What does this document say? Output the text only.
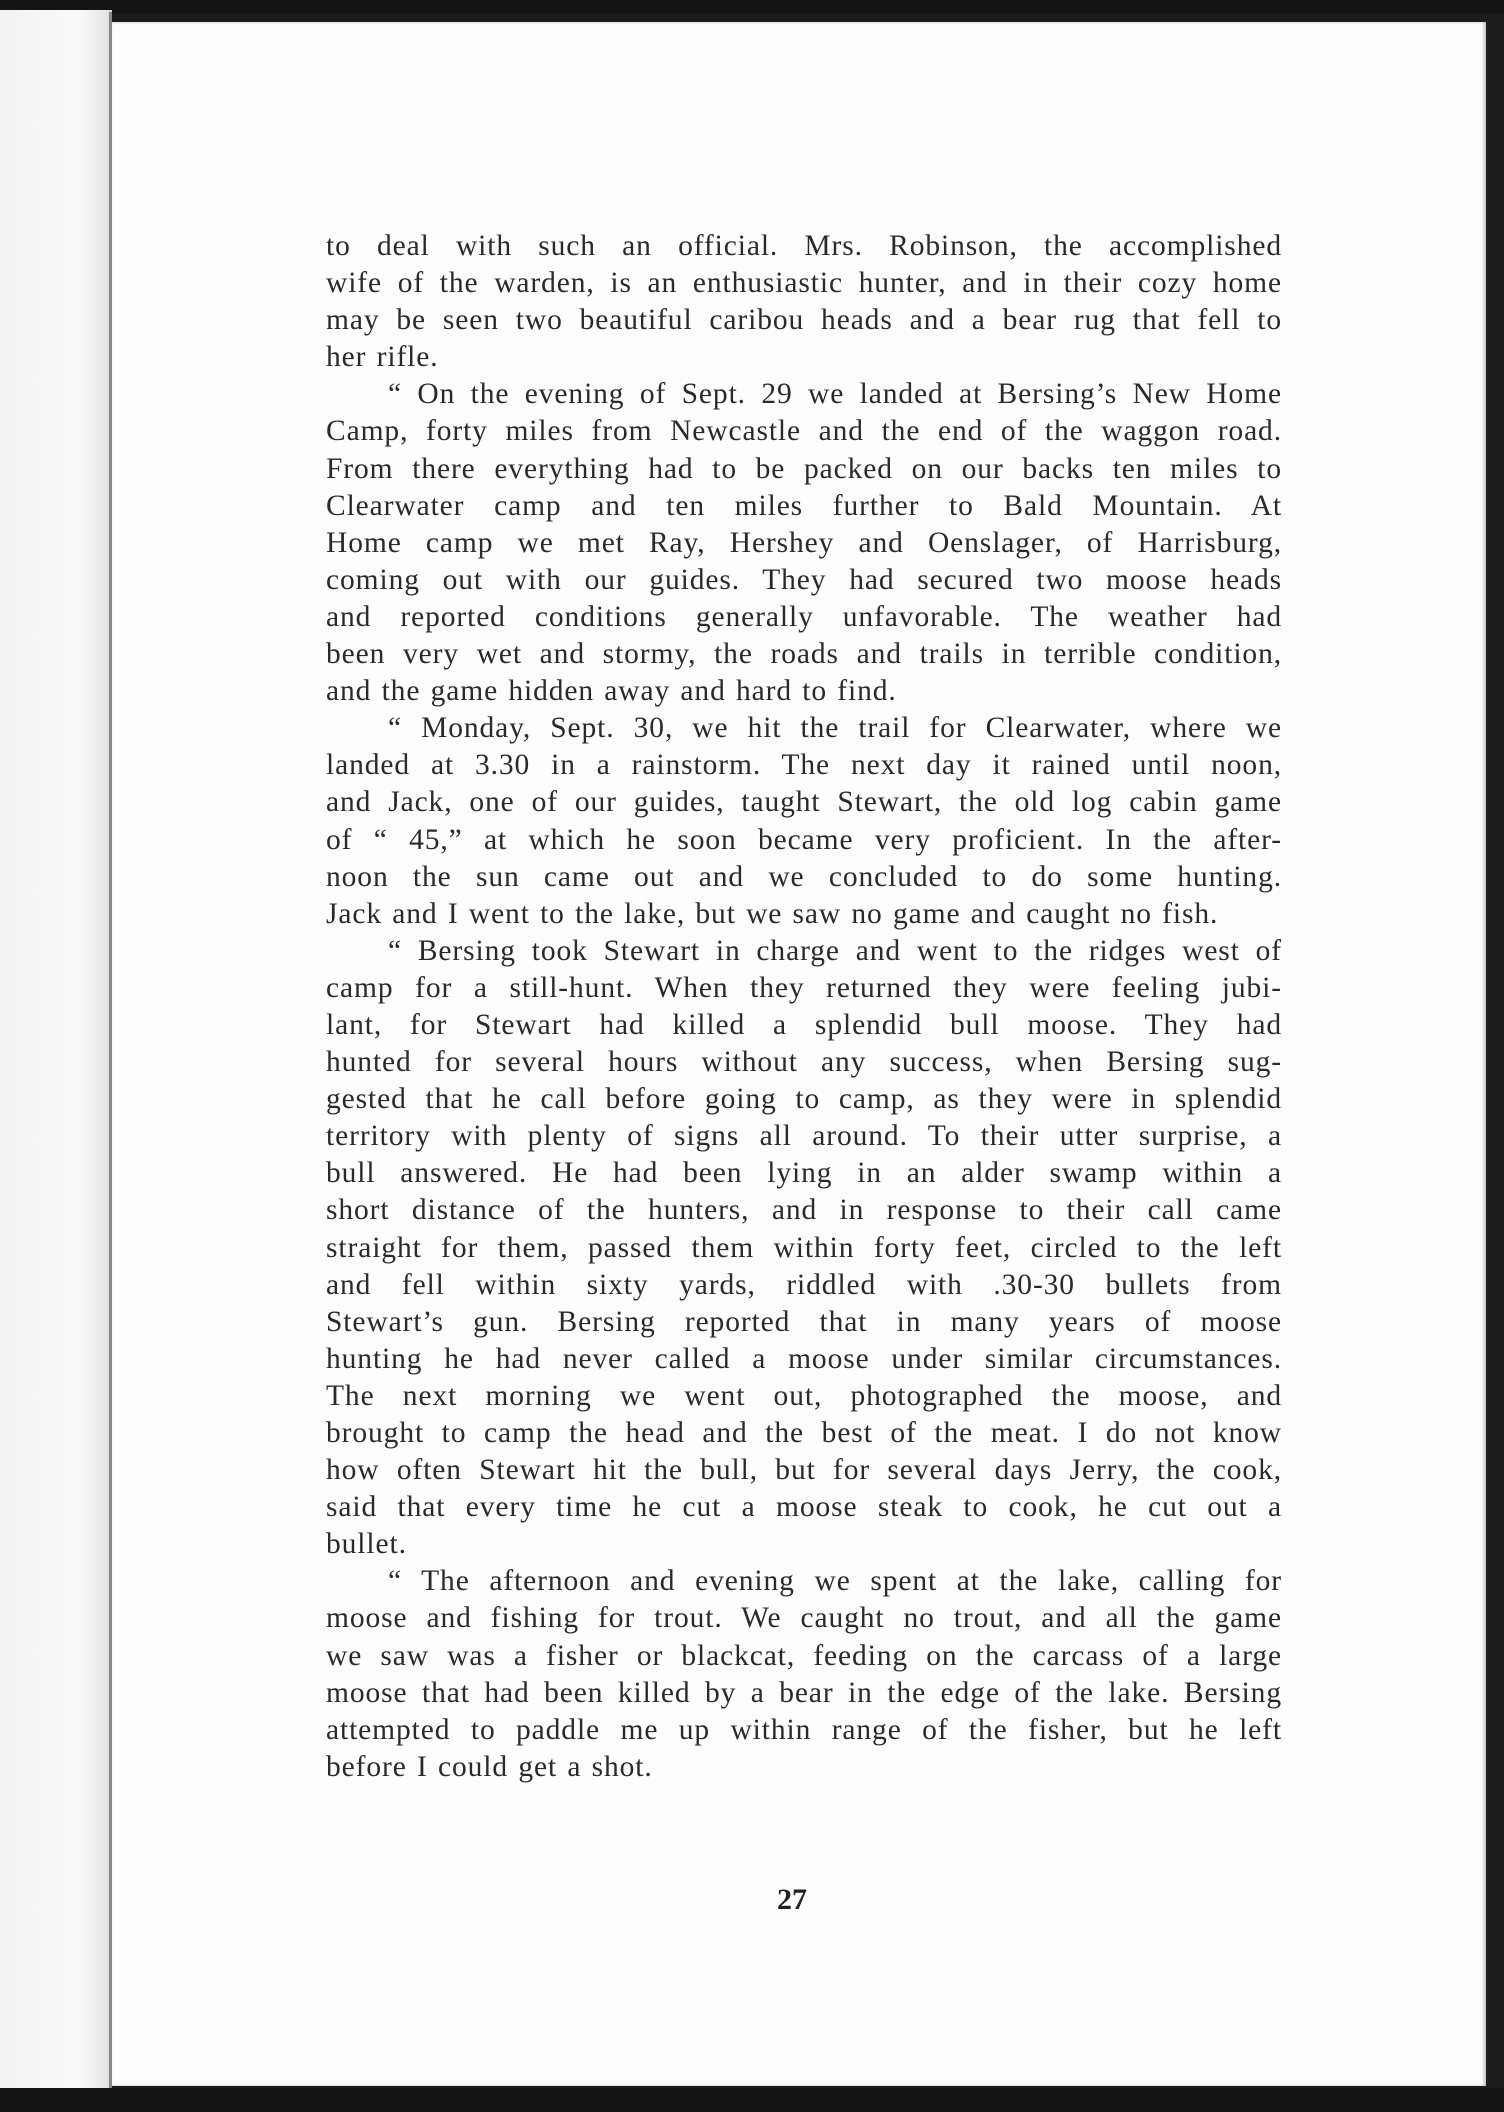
to deal with such an official. Mrs. Robinson, the accomplished
wife of the warden, is an enthusiastic hunter, and in their cozy home
may be seen two beautiful caribou heads and a bear rug that fell to
her rifle.

“ On the evening of Sept. 29 we landed at Bersing’s New Home
Camp, forty miles from Newcastle and the end of the waggon road.
From there everything had to be packed on our backs ten miles to
Clearwater camp and ten miles further to Bald Mountain. At
Home camp we met Ray, Hershey and Oenslager, of Harrisburg,
coming out with our guides. They had secured two moose heads
and reported conditions generally unfavorable. The weather had
been very wet and stormy, the roads and trails in terrible condition,
and the game hidden away and hard to find.

“ Monday, Sept. 30, we hit the trail for Clearwater, where we
landed at 3.30 in a rainstorm. The next day it rained until noon,
and Jack, one of our guides, taught Stewart, the old log cabin game
of “ 45,” at which he soon became very proficient. In the after-
noon the sun came out and we concluded to do some hunting.
Jack and I went to the lake, but we saw no game and caught no fish.

“ Bersing took Stewart in charge and went to the ridges west of
camp for a still-hunt. When they returned they were feeling jubi-
lant, for Stewart had killed a splendid bull moose. They had
hunted for several hours without any success, when Bersing sug-
gested that he call before going to camp, as they were in splendid
territory with plenty of signs all around. To their utter surprise, a
bull answered. He had been lying in an alder swamp within a
short distance of the hunters, and in response to their call came
straight for them, passed them within forty feet, circled to the left
and fell within sixty yards, riddled with .30-30 bullets from
Stewart’s gun. Bersing reported that in many years of moose
hunting he had never called a moose under similar circumstances.
The next morning we went out, photographed the moose, and
brought to camp the head and the best of the meat. I do not know
how often Stewart hit the bull, but for several days Jerry, the cook,
said that every time he cut a moose steak to cook, he cut out a
bullet.

“ The afternoon and evening we spent at the lake, calling for
moose and fishing for trout. We caught no trout, and all the game
we saw was a fisher or blackcat, feeding on the carcass of a large
moose that had been killed by a bear in the edge of the lake. Bersing
attempted to paddle me up within range of the fisher, but he left
before I could get a shot.

27
